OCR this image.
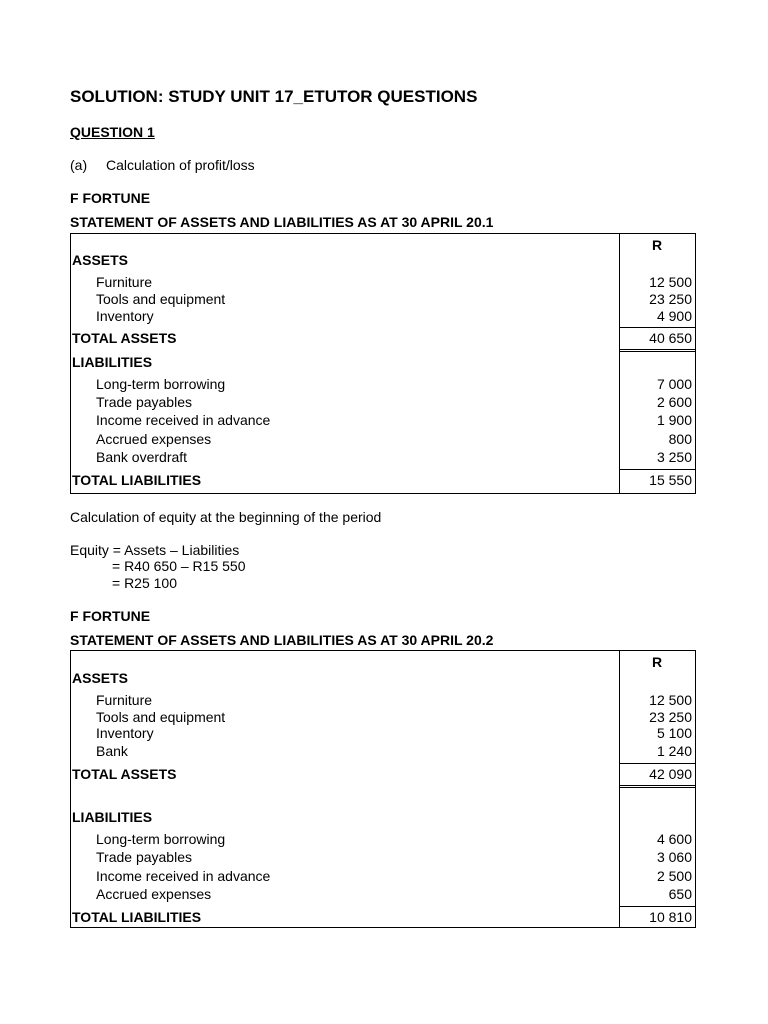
SOLUTION: STUDY UNIT 17_ETUTOR QUESTIONS
QUESTION 1
(a) Calculation of profit/loss
F FORTUNE
STATEMENT OF ASSETS AND LIABILITIES AS AT 30 APRIL 20.1
R
ASSETS
Furniture	12 500
Tools and equipment	23 250
Inventory	4 900
TOTAL ASSETS	40 650
LIABILITIES
Long-term borrowing	7 000
Trade payables	2 600
Income received in advance	1 900
Accrued expenses	800
Bank overdraft	3 250
TOTAL LIABILITIES	15 550
Calculation of equity at the beginning of the period
Equity = Assets – Liabilities
= R40 650 – R15 550
= R25 100
F FORTUNE
STATEMENT OF ASSETS AND LIABILITIES AS AT 30 APRIL 20.2
R
ASSETS
Furniture	12 500
Tools and equipment	23 250
Inventory	5 100
Bank	1 240
TOTAL ASSETS	42 090
LIABILITIES
Long-term borrowing	4 600
Trade payables	3 060
Income received in advance	2 500
Accrued expenses	650
TOTAL LIABILITIES	10 810
